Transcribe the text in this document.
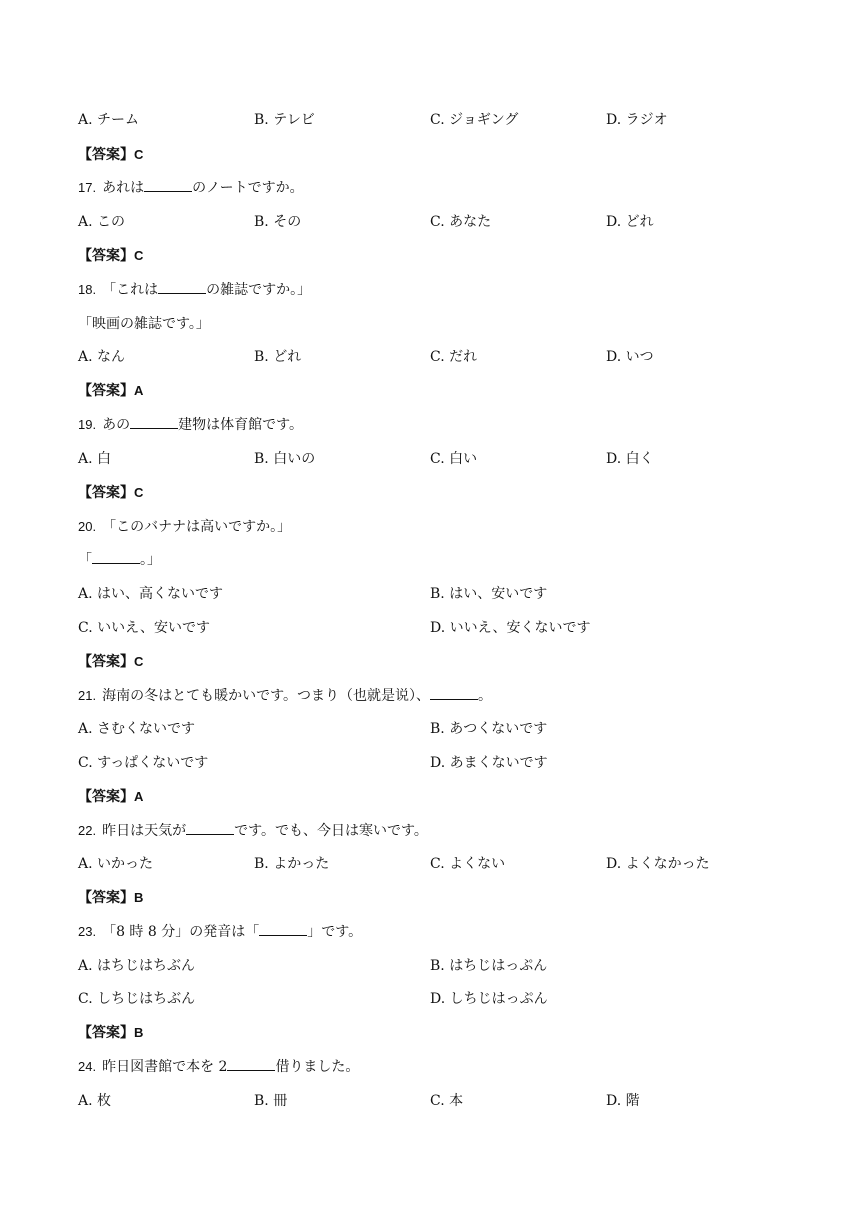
A. チーム	B. テレビ	C. ジョギング	D. ラジオ
【答案】C
17. あれは	のノートですか。
A. この	B. その	C. あなた	D. どれ
【答案】C
18. 「これは	の雑誌ですか。」
「映画の雑誌です。」
A. なん	B. どれ	C. だれ	D. いつ
【答案】A
19. あの	建物は体育館です。
A. 白	B. 白いの	C. 白い	D. 白く
【答案】C
20. 「このバナナは高いですか。」
「	。」
A. はい、高くないです	B. はい、安いです
C. いいえ、安いです	D. いいえ、安くないです
【答案】C
21. 海南の冬はとても暖かいです。つまり（也就是说）、	。
A. さむくないです	B. あつくないです
C. すっぱくないです	D. あまくないです
【答案】A
22. 昨日は天気が	です。でも、今日は寒いです。
A. いかった	B. よかった	C. よくない	D. よくなかった
【答案】B
23. 「8 時 8 分」の発音は「	」です。
A. はちじはちぶん	B. はちじはっぷん
C. しちじはちぶん	D. しちじはっぷん
【答案】B
24. 昨日図書館で本を 2	借りました。
A. 枚	B. 冊	C. 本	D. 階
